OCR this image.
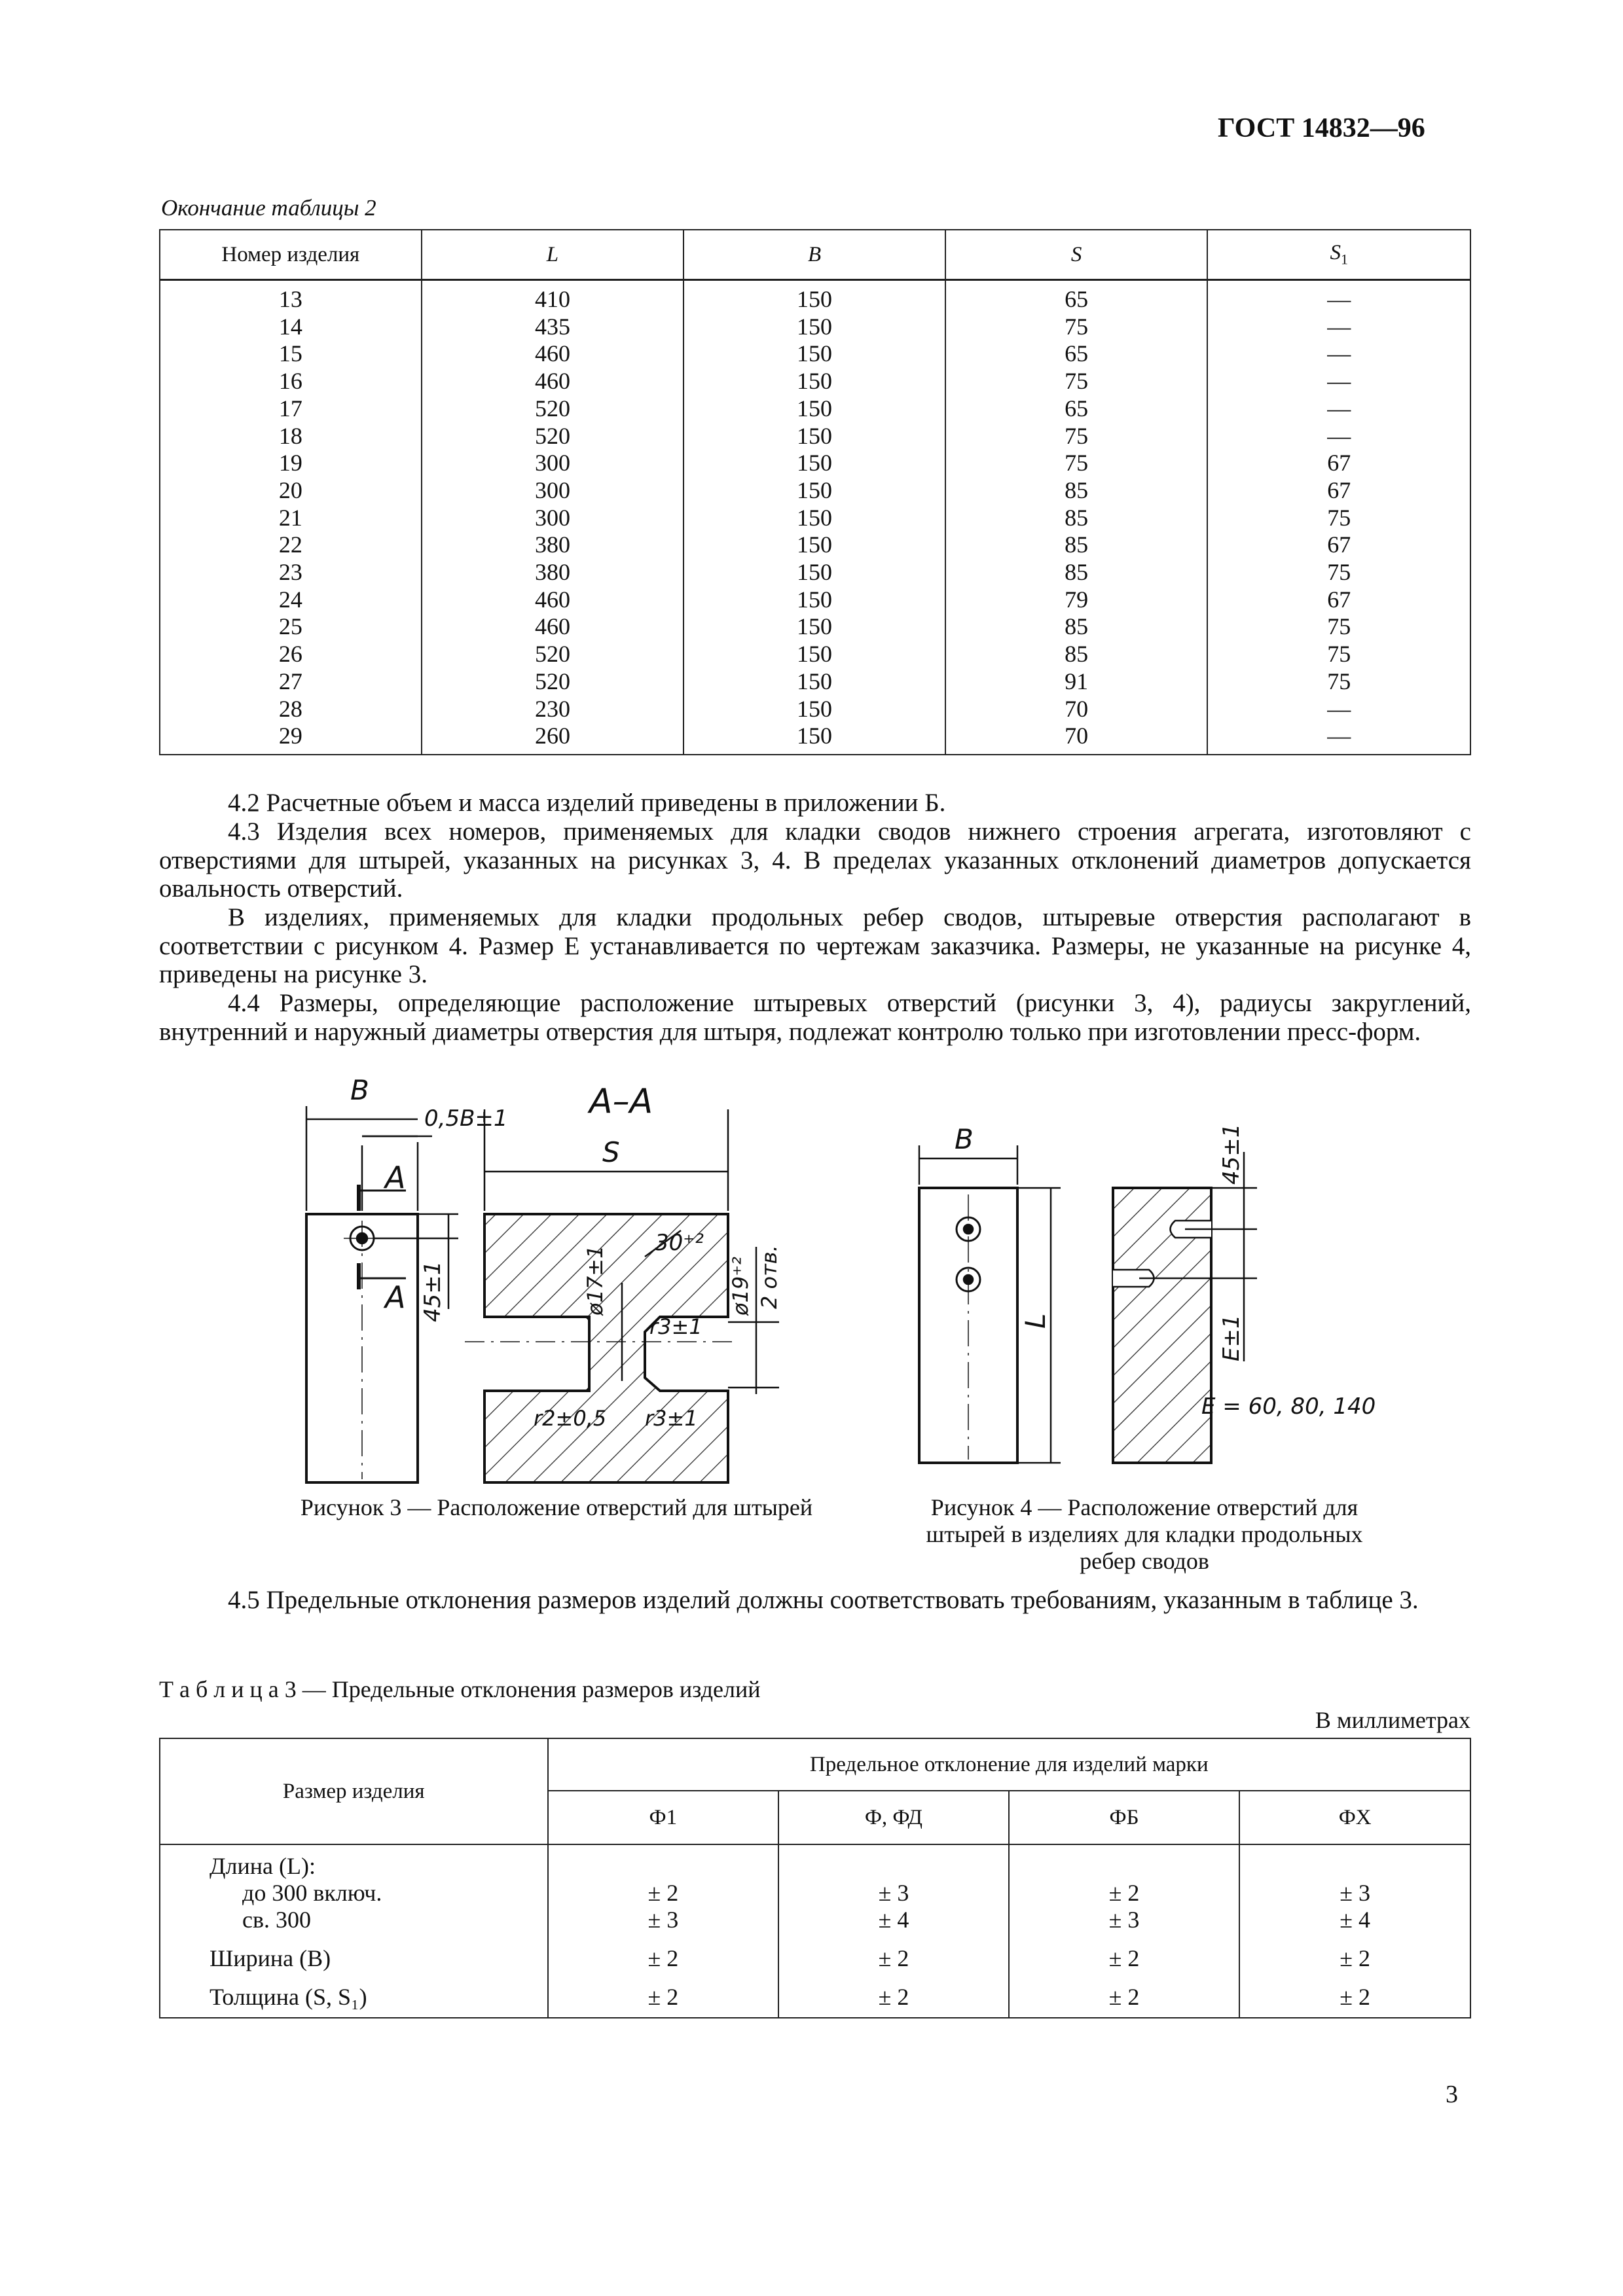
ГОСТ 14832—96
Окончание таблицы 2
Номер изделия	L	B	S	$S_1$
13	410	150	65	—
14	435	150	75	—
15	460	150	65	—
16	460	150	75	—
17	520	150	65	—
18	520	150	75	—
19	300	150	75	67
20	300	150	85	67
21	300	150	85	75
22	380	150	85	67
23	380	150	85	75
24	460	150	79	67
25	460	150	85	75
26	520	150	85	75
27	520	150	91	75
28	230	150	70	—
29	260	150	70	—
4.2 Расчетные объем и масса изделий приведены в приложении Б.
4.3 Изделия всех номеров, применяемых для кладки сводов нижнего строения агрегата, изготовляют с отверстиями для штырей, указанных на рисунках 3, 4. В пределах указанных отклонений диаметров допускается овальность отверстий.
В изделиях, применяемых для кладки продольных ребер сводов, штыревые отверстия располагают в соответствии с рисунком 4. Размер E устанавливается по чертежам заказчика. Размеры, не указанные на рисунке 4, приведены на рисунке 3.
4.4 Размеры, определяющие расположение штыревых отверстий (рисунки 3, 4), радиусы закруглений, внутренний и наружный диаметры отверстия для штыря, подлежат контролю только при изготовлении пресс-форм.
B
0,5B±1 A–A
A
A
S
45±1
30⁺²
ø17±1	ø19⁺² 2 отв.
r3±1
r2±0,5 r3±1
Рисунок 3 — Расположение отверстий для штырей
B
L
45±1
E±1
E = 60, 80, 140
Рисунок 4 — Расположение отверстий для штырей в изделиях для кладки продольных ребер сводов
4.5 Предельные отклонения размеров изделий должны соответствовать требованиям, указанным в таблице 3.
Т а б л и ц а 3 — Предельные отклонения размеров изделий
В миллиметрах
Размер изделия	Предельное отклонение для изделий марки			
	Ф1	Ф, ФД	ФБ	ФХ
Длина (L):				
до 300 включ.	± 2	± 3	± 2	± 3
св. 300	± 3	± 4	± 3	± 4
Ширина (B)	± 2	± 2	± 2	± 2
Толщина (S, S₁)	± 2	± 2	± 2	± 2
3
